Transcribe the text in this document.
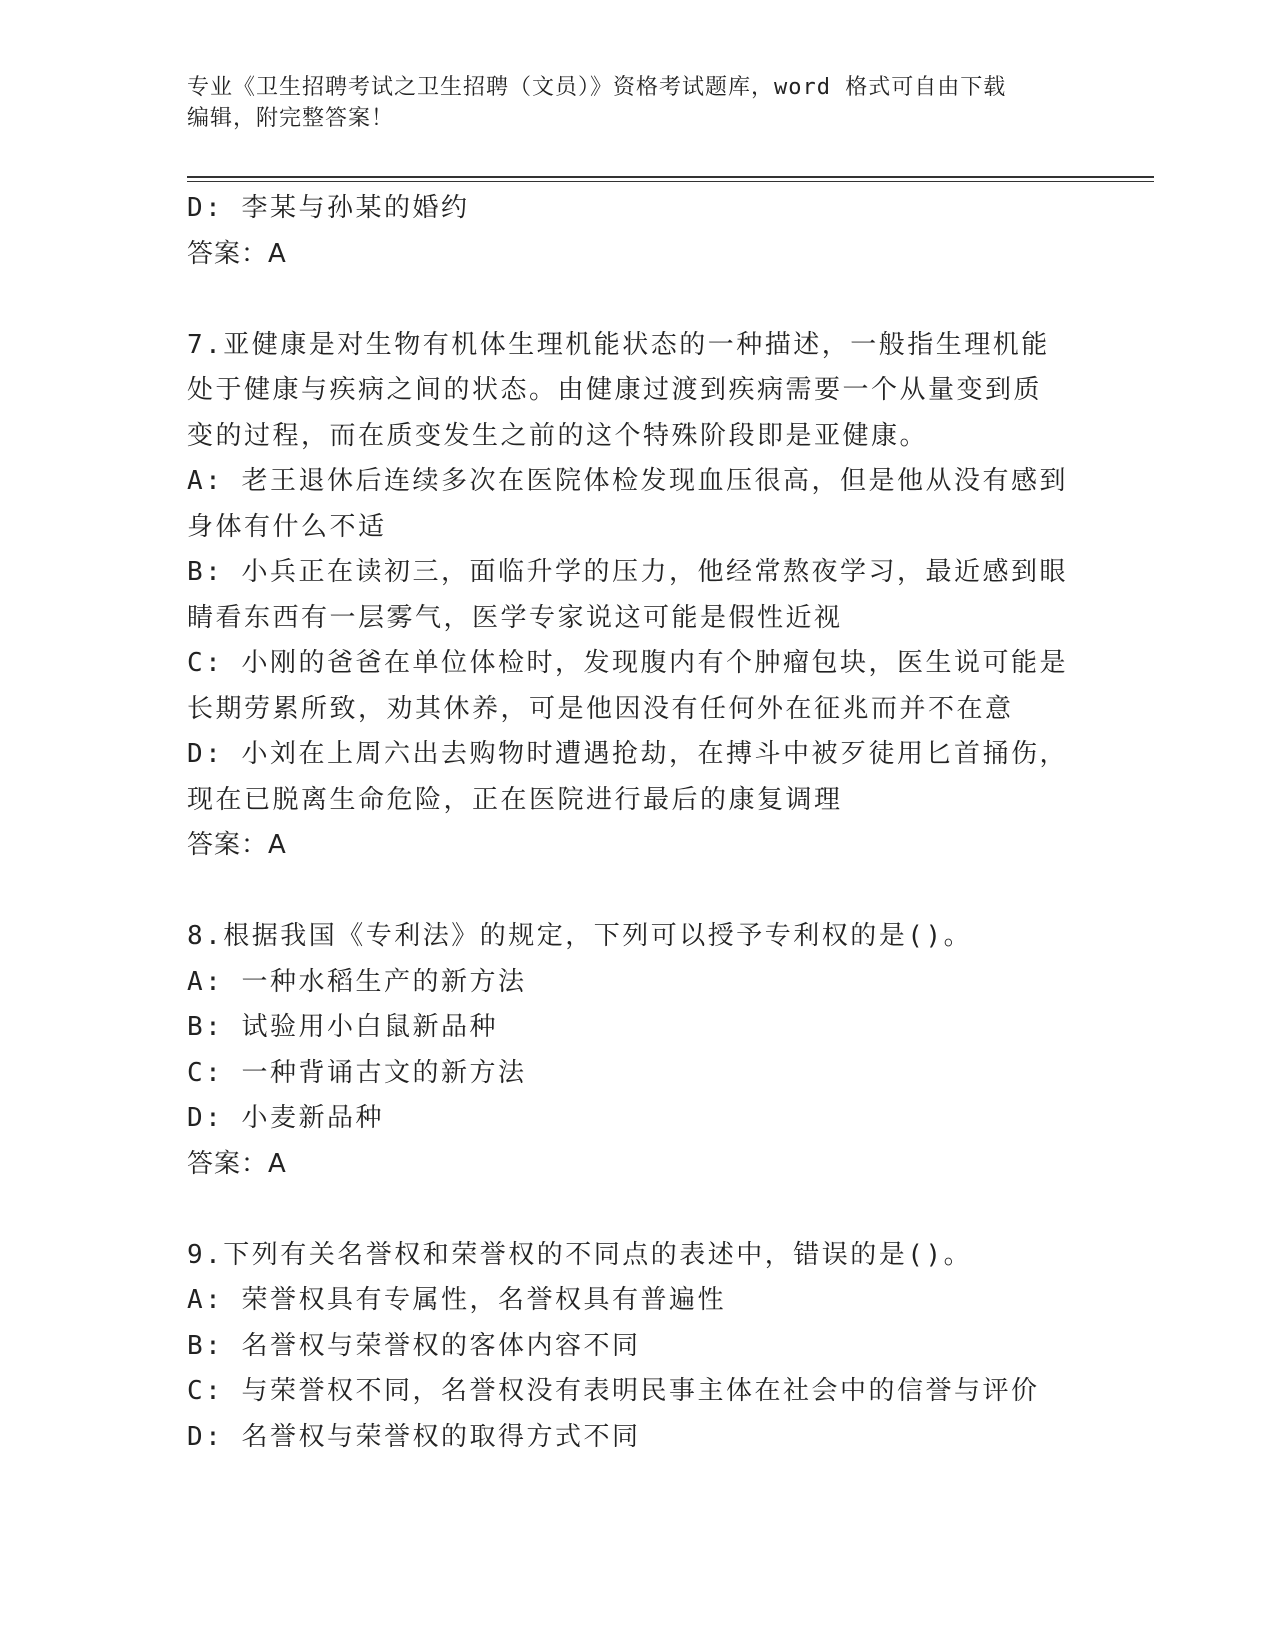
专业《卫生招聘考试之卫生招聘（文员）》资格考试题库，word 格式可自由下载
编辑，附完整答案！
D: 李某与孙某的婚约
答案：A
7.亚健康是对生物有机体生理机能状态的一种描述，一般指生理机能
处于健康与疾病之间的状态。由健康过渡到疾病需要一个从量变到质
变的过程，而在质变发生之前的这个特殊阶段即是亚健康。
A: 老王退休后连续多次在医院体检发现血压很高，但是他从没有感到
身体有什么不适
B: 小兵正在读初三，面临升学的压力，他经常熬夜学习，最近感到眼
睛看东西有一层雾气，医学专家说这可能是假性近视
C: 小刚的爸爸在单位体检时，发现腹内有个肿瘤包块，医生说可能是
长期劳累所致，劝其休养，可是他因没有任何外在征兆而并不在意
D: 小刘在上周六出去购物时遭遇抢劫，在搏斗中被歹徒用匕首捅伤，
现在已脱离生命危险，正在医院进行最后的康复调理
答案：A
8.根据我国《专利法》的规定，下列可以授予专利权的是()。
A: 一种水稻生产的新方法
B: 试验用小白鼠新品种
C: 一种背诵古文的新方法
D: 小麦新品种
答案：A
9.下列有关名誉权和荣誉权的不同点的表述中，错误的是()。
A: 荣誉权具有专属性，名誉权具有普遍性
B: 名誉权与荣誉权的客体内容不同
C: 与荣誉权不同，名誉权没有表明民事主体在社会中的信誉与评价
D: 名誉权与荣誉权的取得方式不同
